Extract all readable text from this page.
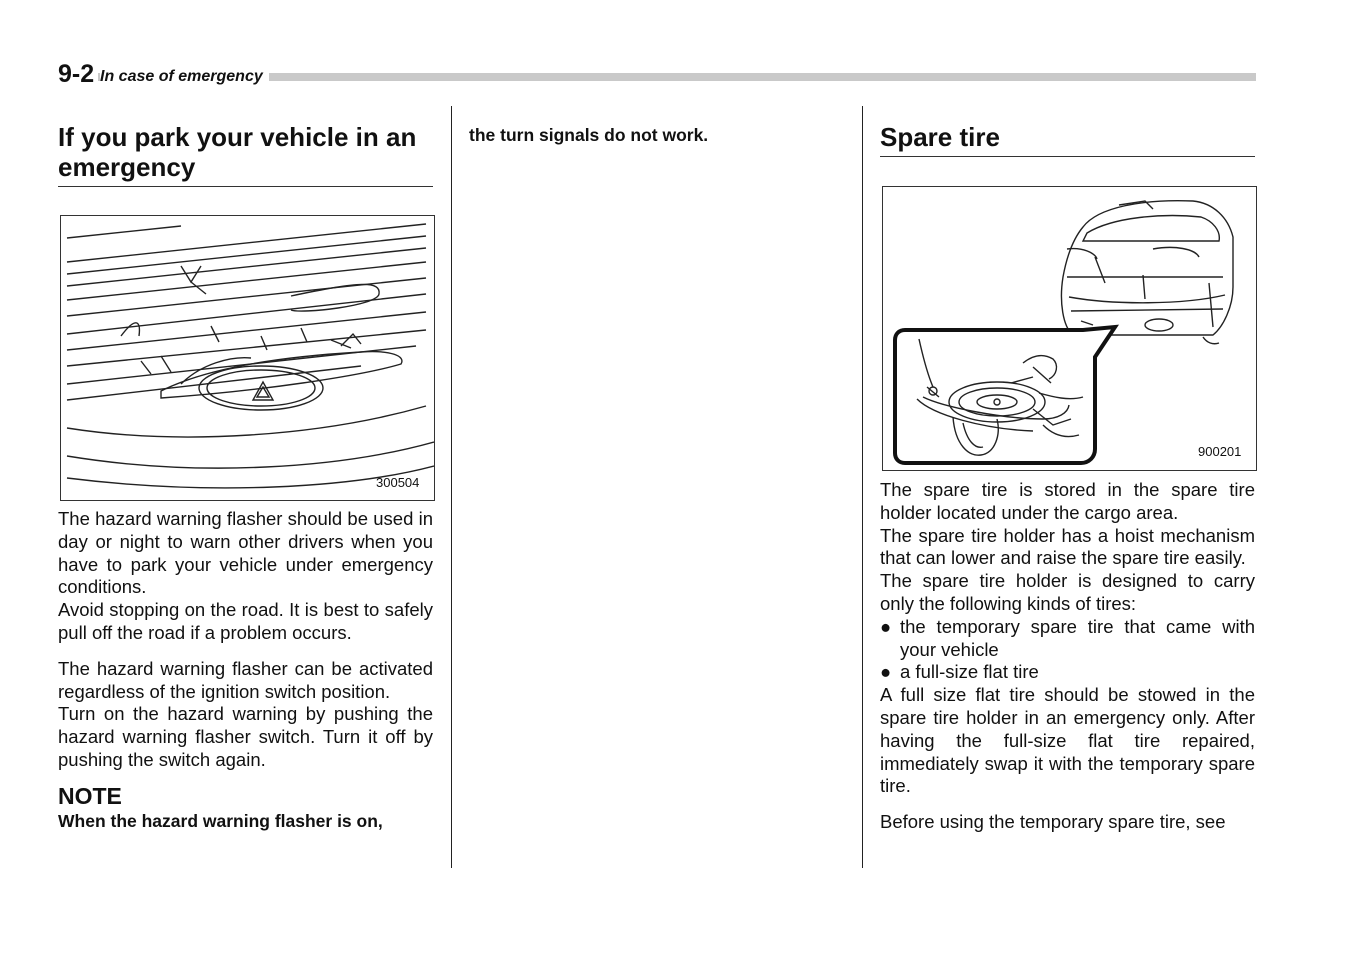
9-2 In case of emergency
If you park your vehicle in an emergency
300504

The hazard warning flasher should be used in day or night to warn other drivers when you have to park your vehicle under emergency conditions.

Avoid stopping on the road. It is best to safely pull off the road if a problem occurs.

The hazard warning flasher can be activated regardless of the ignition switch position.

Turn on the hazard warning by pushing the hazard warning flasher switch. Turn it off by pushing the switch again.

NOTE

When the hazard warning flasher is on,

the turn signals do not work.	Spare tire
900201

The spare tire is stored in the spare tire holder located under the cargo area.

The spare tire holder has a hoist mechanism that can lower and raise the spare tire easily.

The spare tire holder is designed to carry only the following kinds of tires:

● the temporary spare tire that came with your vehicle
● a full-size flat tire

A full size flat tire should be stowed in the spare tire holder in an emergency only. After having the full-size flat tire repaired, immediately swap it with the temporary spare tire.

Before using the temporary spare tire, see
